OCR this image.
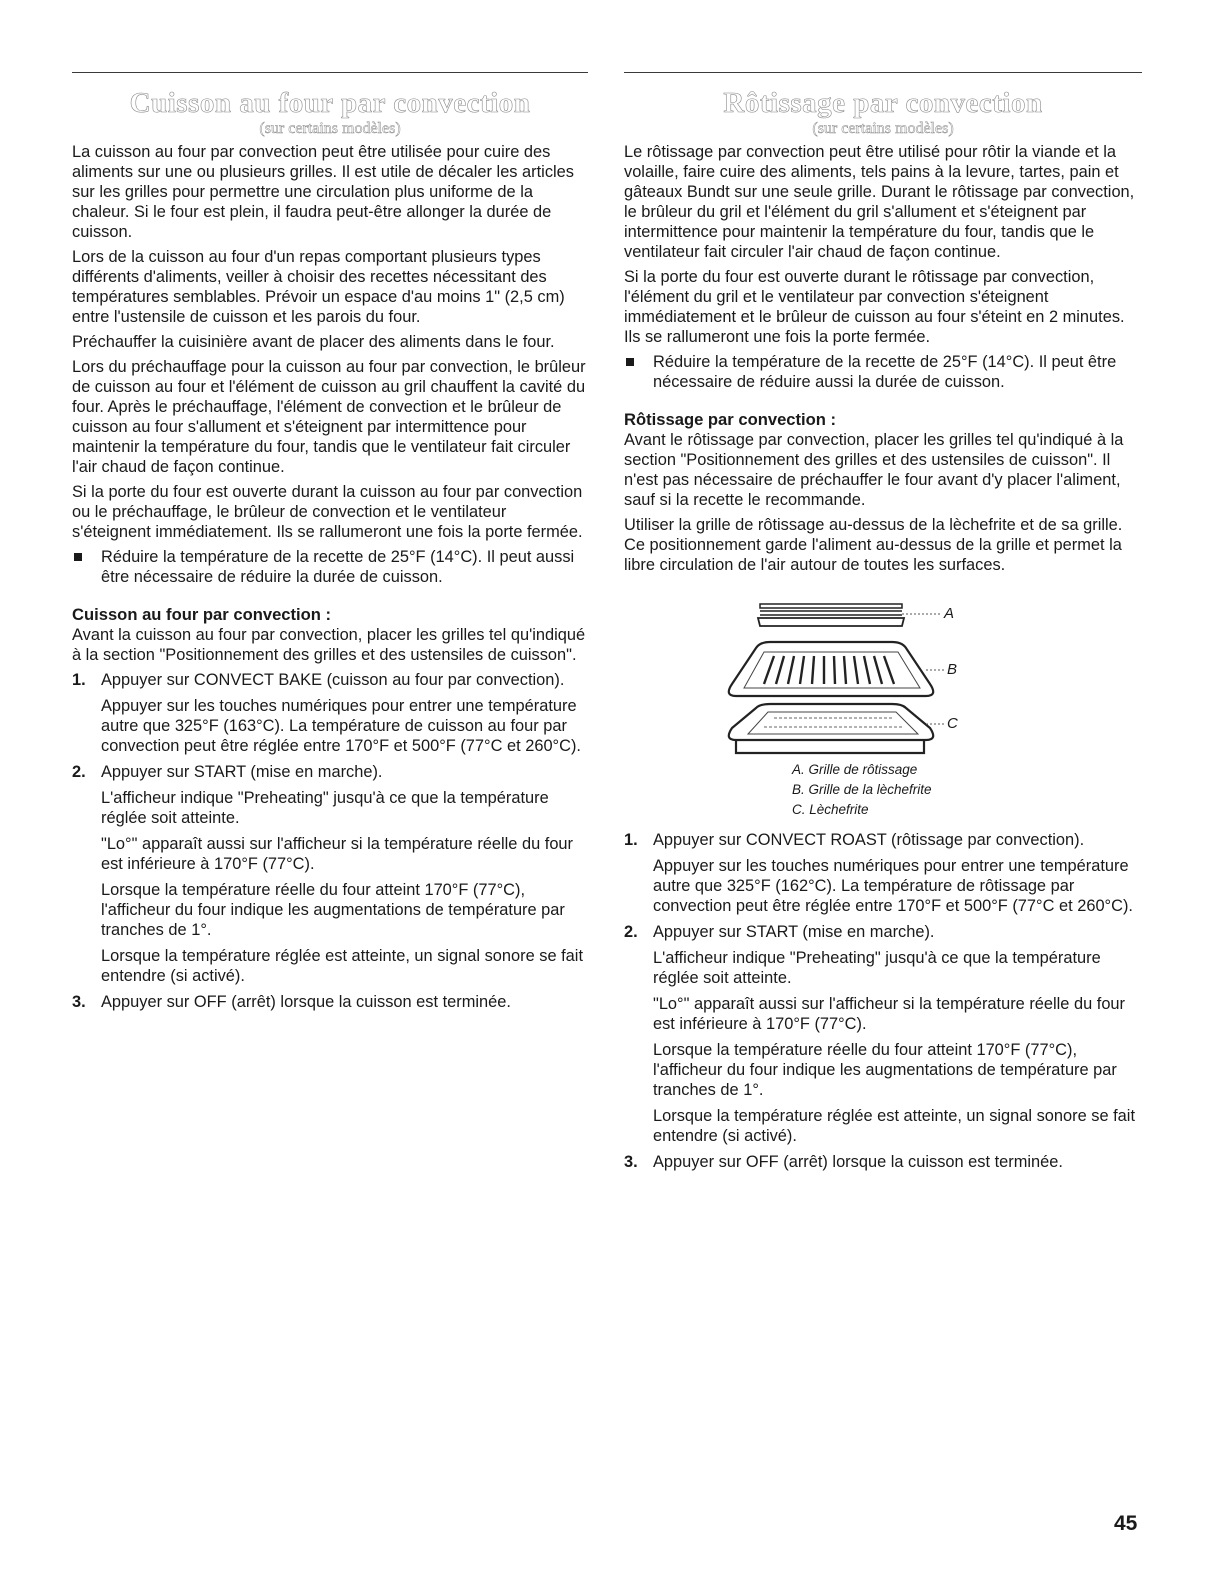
Cuisson au four par convection
(sur certains modèles)

La cuisson au four par convection peut être utilisée pour cuire des aliments sur une ou plusieurs grilles. Il est utile de décaler les articles sur les grilles pour permettre une circulation plus uniforme de la chaleur. Si le four est plein, il faudra peut-être allonger la durée de cuisson.

Lors de la cuisson au four d'un repas comportant plusieurs types différents d'aliments, veiller à choisir des recettes nécessitant des températures semblables. Prévoir un espace d'au moins 1" (2,5 cm) entre l'ustensile de cuisson et les parois du four.

Préchauffer la cuisinière avant de placer des aliments dans le four.

Lors du préchauffage pour la cuisson au four par convection, le brûleur de cuisson au four et l'élément de cuisson au gril chauffent la cavité du four. Après le préchauffage, l'élément de convection et le brûleur de cuisson au four s'allument et s'éteignent par intermittence pour maintenir la température du four, tandis que le ventilateur fait circuler l'air chaud de façon continue.

Si la porte du four est ouverte durant la cuisson au four par convection ou le préchauffage, le brûleur de convection et le ventilateur s'éteignent immédiatement. Ils se rallumeront une fois la porte fermée.

Réduire la température de la recette de 25°F (14°C). Il peut aussi être nécessaire de réduire la durée de cuisson.
Cuisson au four par convection :

Avant la cuisson au four par convection, placer les grilles tel qu'indiqué à la section "Positionnement des grilles et des ustensiles de cuisson".

1. Appuyer sur CONVECT BAKE (cuisson au four par convection).

Appuyer sur les touches numériques pour entrer une température autre que 325°F (163°C). La température de cuisson au four par convection peut être réglée entre 170°F et 500°F (77°C et 260°C).

2. Appuyer sur START (mise en marche).

L'afficheur indique "Preheating" jusqu'à ce que la température réglée soit atteinte.

"Lo°" apparaît aussi sur l'afficheur si la température réelle du four est inférieure à 170°F (77°C).

Lorsque la température réelle du four atteint 170°F (77°C), l'afficheur du four indique les augmentations de température par tranches de 1°.

Lorsque la température réglée est atteinte, un signal sonore se fait entendre (si activé).

3. Appuyer sur OFF (arrêt) lorsque la cuisson est terminée.

Rôtissage par convection
(sur certains modèles)

Le rôtissage par convection peut être utilisé pour rôtir la viande et la volaille, faire cuire des aliments, tels pains à la levure, tartes, pain et gâteaux Bundt sur une seule grille. Durant le rôtissage par convection, le brûleur du gril et l'élément du gril s'allument et s'éteignent par intermittence pour maintenir la température du four, tandis que le ventilateur fait circuler l'air chaud de façon continue.

Si la porte du four est ouverte durant le rôtissage par convection, l'élément du gril et le ventilateur par convection s'éteignent immédiatement et le brûleur de cuisson au four s'éteint en 2 minutes. Ils se rallumeront une fois la porte fermée.

Réduire la température de la recette de 25°F (14°C). Il peut être nécessaire de réduire aussi la durée de cuisson.
Rôtissage par convection :

Avant le rôtissage par convection, placer les grilles tel qu'indiqué à la section "Positionnement des grilles et des ustensiles de cuisson". Il n'est pas nécessaire de préchauffer le four avant d'y placer l'aliment, sauf si la recette le recommande.

Utiliser la grille de rôtissage au-dessus de la lèchefrite et de sa grille. Ce positionnement garde l'aliment au-dessus de la grille et permet la libre circulation de l'air autour de toutes les surfaces.

A
B
C
A. Grille de rôtissage
B. Grille de la lèchefrite
C. Lèchefrite
1. Appuyer sur CONVECT ROAST (rôtissage par convection).

Appuyer sur les touches numériques pour entrer une température autre que 325°F (162°C). La température de rôtissage par convection peut être réglée entre 170°F et 500°F (77°C et 260°C).

2. Appuyer sur START (mise en marche).

L'afficheur indique "Preheating" jusqu'à ce que la température réglée soit atteinte.

"Lo°" apparaît aussi sur l'afficheur si la température réelle du four est inférieure à 170°F (77°C).

Lorsque la température réelle du four atteint 170°F (77°C), l'afficheur du four indique les augmentations de température par tranches de 1°.

Lorsque la température réglée est atteinte, un signal sonore se fait entendre (si activé).

3. Appuyer sur OFF (arrêt) lorsque la cuisson est terminée.

45
